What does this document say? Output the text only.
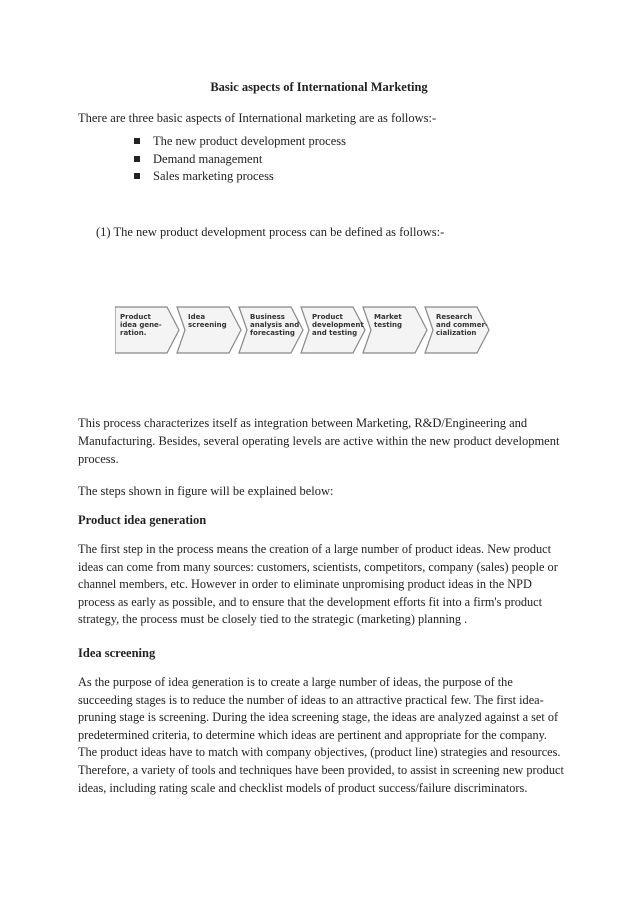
Basic aspects of International Marketing

There are three basic aspects of International marketing are as follows:-

The new product development process
Demand management
Sales marketing process
(1) The new product development process can be defined as follows:-
Product
idea gene-
ration.
Idea
screening
Business
analysis and
forecasting
Product
development
and testing
Market
testing
Research
and commer-
cialization

This process characterizes itself as integration between Marketing, R&D/Engineering and Manufacturing. Besides, several operating levels are active within the new product development process.

The steps shown in figure will be explained below:

Product idea generation

The first step in the process means the creation of a large number of product ideas. New product ideas can come from many sources: customers, scientists, competitors, company (sales) people or channel members, etc. However in order to eliminate unpromising product ideas in the NPD process as early as possible, and to ensure that the development efforts fit into a firm's product strategy, the process must be closely tied to the strategic (marketing) planning .

Idea screening

As the purpose of idea generation is to create a large number of ideas, the purpose of the succeeding stages is to reduce the number of ideas to an attractive practical few. The first idea-pruning stage is screening. During the idea screening stage, the ideas are analyzed against a set of predetermined criteria, to determine which ideas are pertinent and appropriate for the company. The product ideas have to match with company objectives, (product line) strategies and resources. Therefore, a variety of tools and techniques have been provided, to assist in screening new product ideas, including rating scale and checklist models of product success/failure discriminators.
